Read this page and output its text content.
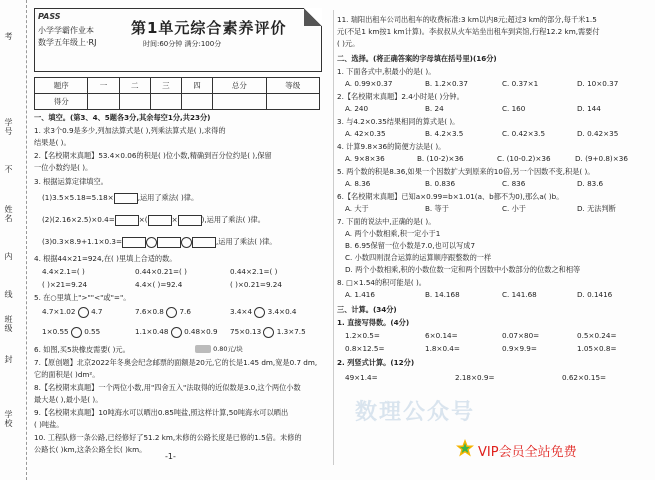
考
学号
姓名
不
内
线
班级
封
学校
PASS
小学学霸作业本
数学五年级上·RJ
第1单元综合素养评价
时间:60分钟 满分:100分
题序	一	二	三	四	总分	等级
得分						
一、填空。(第3、4、5题各3分,其余每空1分,共23分)
1. 求3个0.9是多少,列加法算式是( ),列乘法算式是( ),求得的
结果是( )。
2.【名校期末真题】53.4×0.06的积是( )位小数,精确到百分位约是( ),保留
一位小数约是( )。
3. 根据运算定律填空。
(1)3.5×5.18=5.18×	,运用了乘法( )律。
(2)(2.16×2.5)×0.4=	×(	×	),运用了乘法( )律。
(3)0.3×8.9+1.1×0.3=	,运用了乘法( )律。
4. 根据44×21=924,在( )里填上合适的数。
4.4×2.1=( )	0.44×0.21=( )	0.44×2.1=( )
( )×21=9.24	4.4×( )=92.4	( )×0.21=9.24
5. 在○里填上">""<"或"="。
4.7×1.02 4.7	7.6×0.8 7.6	3.4×4 3.4×0.4
1×0.55 0.55	1.1×0.48 0.48×0.9 75×0.13 1.3×7.5
6. 如图,买5块橡皮需要( )元。	0.80元/块
7.【原创题】北京2022年冬奥会纪念邮票的面额是20元,它的长是1.45 dm,宽是0.7 dm,
它的面积是( )dm²。
8.【名校期末真题】一个两位小数,用"四舍五入"法取得的近似数是3.0,这个两位小数
最大是( ),最小是( )。
9.【名校期末真题】10吨海水可以晒出0.85吨盐,照这样计算,50吨海水可以晒出
( )吨盐。
10. 工程队修一条公路,已经修好了51.2 km,未修的公路长度是已修的1.5倍。未修的
公路长( )km,这条公路全长( )km。
-1-
11. 瑞阳出租车公司出租车的收费标准:3 km以内8元;超过3 km的部分,每千米1.5
元(不足1 km按1 km计算)。李叔叔从火车站坐出租车到宾馆,行程12.2 km,需要付
( )元。
二、选择。(将正确答案的字母填在括号里)(16分)
1. 下面各式中,积最小的是( )。
A. 0.99×0.37	B. 1.2×0.37	C. 0.37×1	D. 10×0.37
2.【名校期末真题】2.4小时是( )分钟。
A. 240	B. 24	C. 160	D. 144
3. 与4.2×0.35结果相同的算式是( )。
A. 42×0.35	B. 4.2×3.5	C. 0.42×3.5	D. 0.42×35
4. 计算9.8×36的简便方法是( )。
A. 9×8×36	B. (10-2)×36	C. (10-0.2)×36	D. (9+0.8)×36
5. 两个数的积是8.36,如果一个因数扩大到原来的10倍,另一个因数不变,积是( )。
A. 8.36	B. 0.836	C. 836	D. 83.6
6.【名校期末真题】已知a×0.99=b×1.01(a、b都不为0),那么a( )b。
A. 大于	B. 等于	C. 小于	D. 无法判断
7. 下面的说法中,正确的是( )。
A. 两个小数相乘,积一定小于1
B. 6.95保留一位小数是7.0,也可以写成7
C. 小数四则混合运算的运算顺序跟整数的一样
D. 两个小数相乘,积的小数位数一定和两个因数中小数部分的位数之和相等
8. □×1.54的积可能是( )。
A. 1.416	B. 14.168	C. 141.68	D. 0.1416
三、计算。(34分)
1. 直接写得数。(4分)
1.2×0.5=	6×0.14=	0.07×80=	0.5×0.24=
0.8×12.5=	1.8×0.4=	0.9×9.9=	1.05×0.8=
2. 列竖式计算。(12分)
49×1.4=	2.18×0.9=	0.62×0.15=
数理公众号
VIP会员全站免费
